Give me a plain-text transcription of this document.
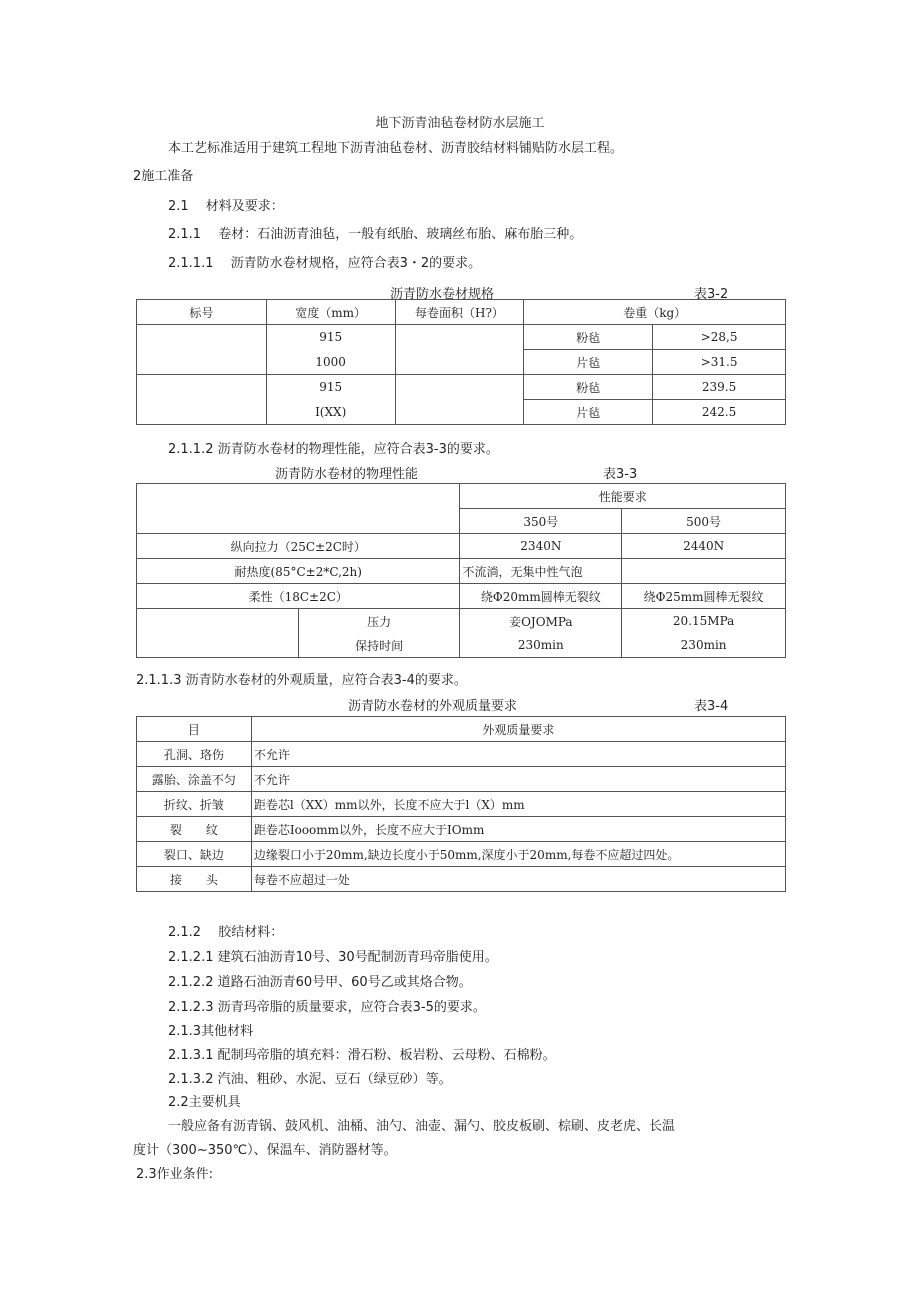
地下沥青油毡卷材防水层施工
本工艺标准适用于建筑工程地下沥青油毡卷材、沥青胶结材料铺贴防水层工程。
2施工准备
2.1　 材料及要求：
2.1.1　 卷材：石油沥青油毡，一般有纸胎、玻璃丝布胎、麻布胎三种。
2.1.1.1　 沥青防水卷材规格，应符合表3・2的要求。
沥青防水卷材规格	表3-2
标号	宽度（mm）	每卷面积（H?）	卷重（kg）	
	915		粉毡	>28,5
	1000		片毡	>31.5
	915		粉毡	239.5
	I(XX)		片毡	242.5
2.1.1.2 沥青防水卷材的物理性能，应符合表3-3的要求。
沥青防水卷材的物理性能	表3-3
		性能要求	
		350号	500号
纵向拉力（25C±2C时）		2340N	2440N
耐热度(85°C±2*C,2h)		不流淌，无集中性气泡	
柔性（18C±2C）		绕Φ20mm圆棒无裂纹	绕Φ25mm圆棒无裂纹
	压力	妾OJOMPa	20.15MPa
	保持时间	230min	230min
2.1.1.3 沥青防水卷材的外观质量，应符合表3-4的要求。
沥青防水卷材的外观质量要求	表3-4
目	外观质量要求
孔洞、珞伤	不允许
露胎、涂盖不匀	不允许
折纹、折皱	距卷芯l（XX）mm以外，长度不应大于l（X）mm
裂　　纹	距卷芯Iooomm以外，长度不应大于IOmm
裂口、缺边	边缘裂口小于20mm,缺边长度小于50mm,深度小于20mm,每卷不应超过四处。
接　　头	每卷不应超过一处
2.1.2　 胶结材料：
2.1.2.1 建筑石油沥青10号、30号配制沥青玛帝脂使用。
2.1.2.2 道路石油沥青60号甲、60号乙或其烙合物。
2.1.2.3 沥青玛帝脂的质量要求，应符合表3-5的要求。
2.1.3其他材料
2.1.3.1 配制玛帝脂的填充料：滑石粉、板岩粉、云母粉、石棉粉。
2.1.3.2 汽油、粗砂、水泥、豆石（绿豆砂）等。
2.2主要机具
一般应备有沥青锅、鼓风机、油桶、油勺、油壶、漏勺、胶皮板刷、棕刷、皮老虎、长温
度计（300~350℃）、保温车、消防器材等。
2.3作业条件:
